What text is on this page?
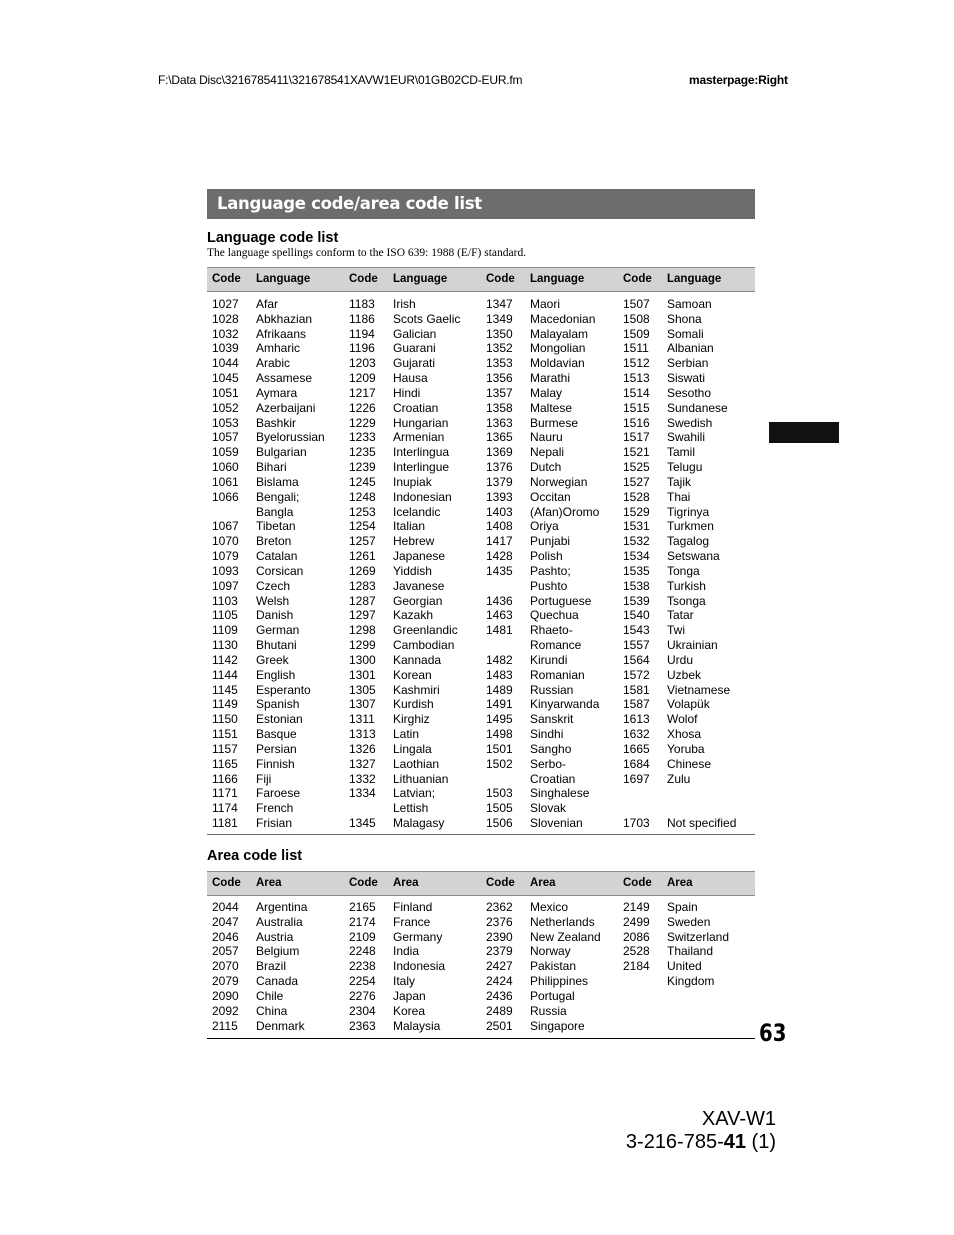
F:\Data Disc\3216785411\321678541XAVW1EUR\01GB02CD-EUR.fm	masterpage:Right
Language code/area code list
Language code list
The language spellings conform to the ISO 639: 1988 (E/F) standard.
Code Language	Code Language	Code Language	Code Language
1027 Afar	1183 Irish	1347 Maori	1507 Samoan
1028 Abkhazian	1186 Scots Gaelic 1349 Macedonian 1508 Shona
1032 Afrikaans	1194 Galician	1350 Malayalam	1509 Somali
1039 Amharic	1196 Guarani	1352 Mongolian	1511 Albanian
1044 Arabic	1203 Gujarati	1353 Moldavian	1512 Serbian
1045 Assamese	1209 Hausa	1356 Marathi	1513 Siswati
1051 Aymara	1217 Hindi	1357 Malay	1514 Sesotho
1052 Azerbaijani	1226 Croatian	1358 Maltese	1515 Sundanese
1053 Bashkir	1229 Hungarian	1363 Burmese	1516 Swedish
1057 Byelorussian 1233 Armenian	1365 Nauru	1517 Swahili
1059 Bulgarian	1235 Interlingua	1369 Nepali	1521 Tamil
1060 Bihari	1239 Interlingue	1376 Dutch	1525 Telugu
1061 Bislama	1245 Inupiak	1379 Norwegian	1527 Tajik
1066 Bengali;	1248 Indonesian	1393 Occitan	1528 Thai
Bangla	1253 Icelandic	1403 (Afan)Oromo 1529 Tigrinya
1067 Tibetan	1254 Italian	1408 Oriya	1531 Turkmen
1070 Breton	1257 Hebrew	1417 Punjabi	1532 Tagalog
1079 Catalan	1261 Japanese	1428 Polish	1534 Setswana
1093 Corsican	1269 Yiddish	1435 Pashto;	1535 Tonga
1097 Czech	1283 Javanese	Pushto	1538 Turkish
1103 Welsh	1287 Georgian	1436 Portuguese	1539 Tsonga
1105 Danish	1297 Kazakh	1463 Quechua	1540 Tatar
1109 German	1298 Greenlandic 1481 Rhaeto-	1543 Twi
1130 Bhutani	1299 Cambodian	Romance	1557 Ukrainian
1142 Greek	1300 Kannada	1482 Kirundi	1564 Urdu
1144 English	1301 Korean	1483 Romanian	1572 Uzbek
1145 Esperanto	1305 Kashmiri	1489 Russian	1581 Vietnamese
1149 Spanish	1307 Kurdish	1491 Kinyarwanda 1587 Volapük
1150 Estonian	1311 Kirghiz	1495 Sanskrit	1613 Wolof
1151 Basque	1313 Latin	1498 Sindhi	1632 Xhosa
1157 Persian	1326 Lingala	1501 Sangho	1665 Yoruba
1165 Finnish	1327 Laothian	1502 Serbo-	1684 Chinese
1166 Fiji	1332 Lithuanian	Croatian	1697 Zulu
1171 Faroese	1334 Latvian;	1503 Singhalese
1174 French	Lettish	1505 Slovak
1181 Frisian	1345 Malagasy	1506 Slovenian	1703 Not specified
Area code list
Code Area	Code Area	Code Area	Code Area
2044 Argentina	2165 Finland	2362 Mexico	2149 Spain
2047 Australia	2174 France	2376 Netherlands 2499 Sweden
2046 Austria	2109 Germany	2390 New Zealand 2086 Switzerland
2057 Belgium	2248 India	2379 Norway	2528 Thailand
2070 Brazil	2238 Indonesia	2427 Pakistan	2184 United
2079 Canada	2254 Italy	2424 Philippines	Kingdom
2090 Chile	2276 Japan	2436 Portugal
2092 China	2304 Korea	2489 Russia
2115 Denmark	2363 Malaysia	2501 Singapore	63
XAV-W1
3-216-785-41 (1)
